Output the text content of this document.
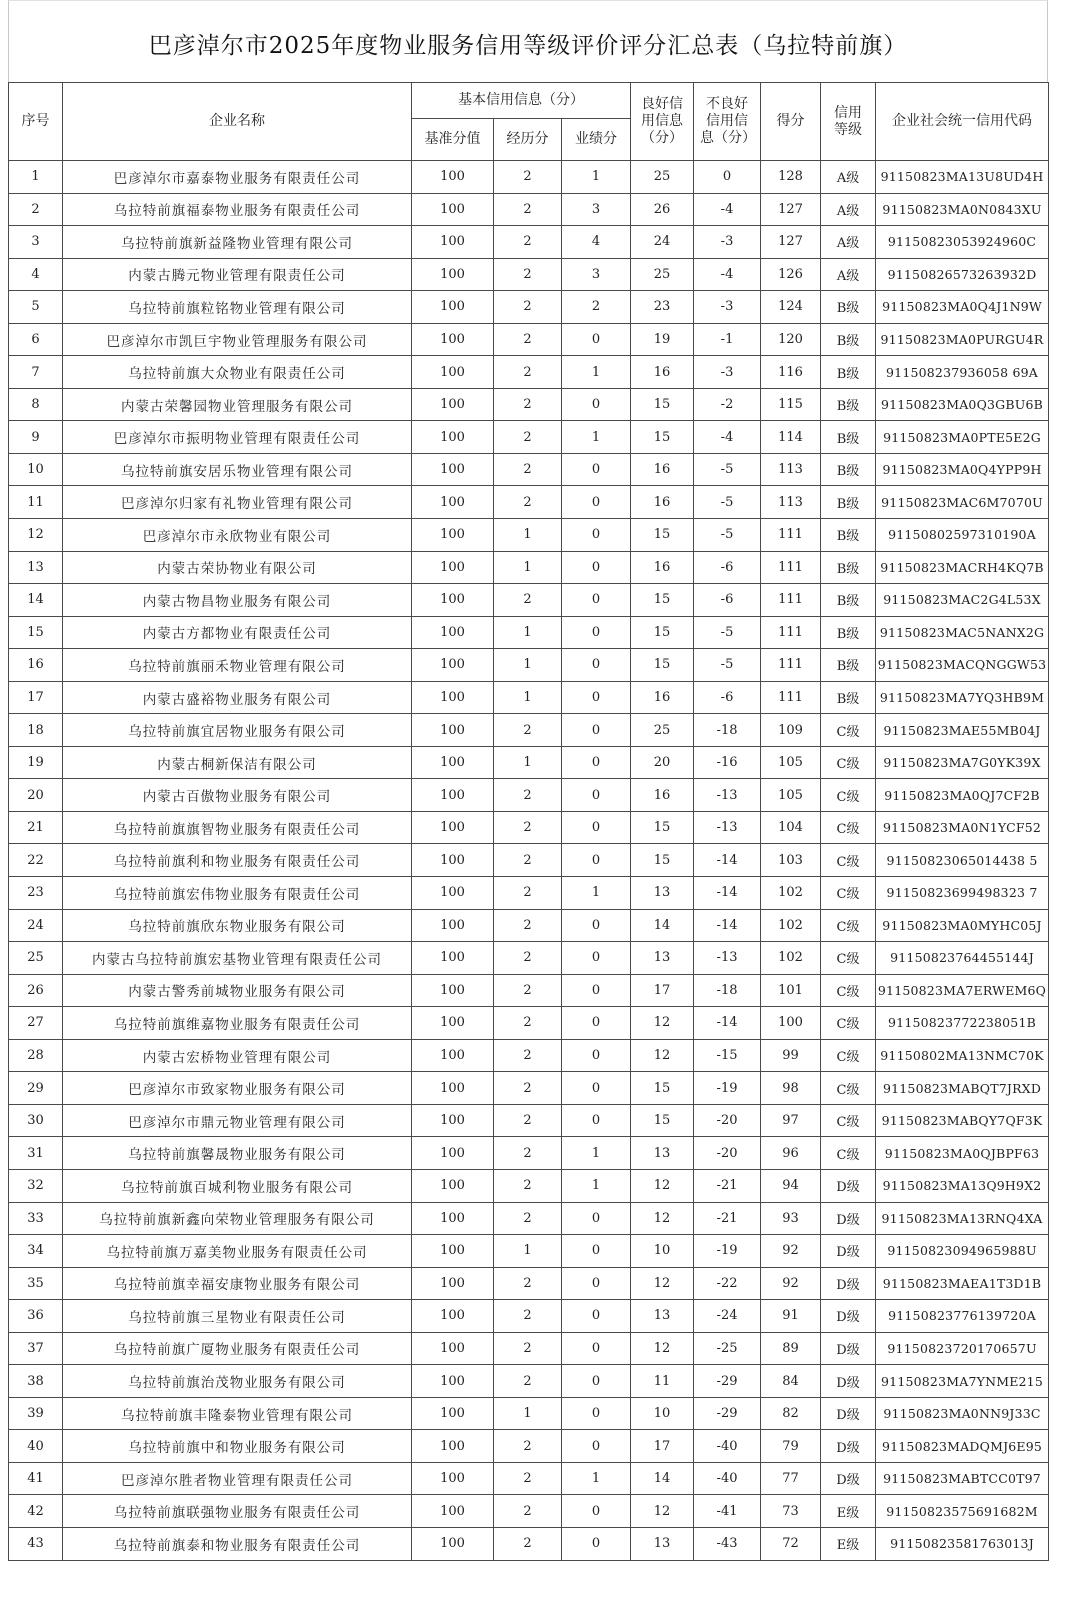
巴彦淖尔市2025年度物业服务信用等级评价评分汇总表（乌拉特前旗）
序号	企业名称	基本信用信息（分）			良好信用信息（分）	不良好信用信息（分）	得分	信用等级	企业社会统一信用代码
		基准分值	经历分	业绩分					
1	巴彦淖尔市嘉泰物业服务有限责任公司	100	2	1	25	0	128	A级	91150823MA13U8UD4H
2	乌拉特前旗福泰物业服务有限责任公司	100	2	3	26	-4	127	A级	91150823MA0N0843XU
3	乌拉特前旗新益隆物业管理有限公司	100	2	4	24	-3	127	A级	91150823053924960C
4	内蒙古腾元物业管理有限责任公司	100	2	3	25	-4	126	A级	91150826573263932D
5	乌拉特前旗粒铭物业管理有限公司	100	2	2	23	-3	124	B级	91150823MA0Q4J1N9W
6	巴彦淖尔市凯巨宇物业管理服务有限公司	100	2	0	19	-1	120	B级	91150823MA0PURGU4R
7	乌拉特前旗大众物业有限责任公司	100	2	1	16	-3	116	B级	911508237936058 69A
8	内蒙古荣馨园物业管理服务有限公司	100	2	0	15	-2	115	B级	91150823MA0Q3GBU6B
9	巴彦淖尔市振明物业管理有限责任公司	100	2	1	15	-4	114	B级	91150823MA0PTE5E2G
10	乌拉特前旗安居乐物业管理有限公司	100	2	0	16	-5	113	B级	91150823MA0Q4YPP9H
11	巴彦淖尔归家有礼物业管理有限公司	100	2	0	16	-5	113	B级	91150823MAC6M7070U
12	巴彦淖尔市永欣物业有限公司	100	1	0	15	-5	111	B级	91150802597310190A
13	内蒙古荣协物业有限公司	100	1	0	16	-6	111	B级	91150823MACRH4KQ7B
14	内蒙古物昌物业服务有限公司	100	2	0	15	-6	111	B级	91150823MAC2G4L53X
15	内蒙古方都物业有限责任公司	100	1	0	15	-5	111	B级	91150823MAC5NANX2G
16	乌拉特前旗丽禾物业管理有限公司	100	1	0	15	-5	111	B级	91150823MACQNGGW53
17	内蒙古盛裕物业服务有限公司	100	1	0	16	-6	111	B级	91150823MA7YQ3HB9M
18	乌拉特前旗宜居物业服务有限公司	100	2	0	25	-18	109	C级	91150823MAE55MB04J
19	内蒙古桐新保洁有限公司	100	1	0	20	-16	105	C级	91150823MA7G0YK39X
20	内蒙古百傲物业服务有限公司	100	2	0	16	-13	105	C级	91150823MA0QJ7CF2B
21	乌拉特前旗旗智物业服务有限责任公司	100	2	0	15	-13	104	C级	91150823MA0N1YCF52
22	乌拉特前旗利和物业服务有限责任公司	100	2	0	15	-14	103	C级	91150823065014438 5
23	乌拉特前旗宏伟物业服务有限责任公司	100	2	1	13	-14	102	C级	91150823699498323 7
24	乌拉特前旗欣东物业服务有限公司	100	2	0	14	-14	102	C级	91150823MA0MYHC05J
25	内蒙古乌拉特前旗宏基物业管理有限责任公司	100	2	0	13	-13	102	C级	91150823764455144J
26	内蒙古警秀前城物业服务有限公司	100	2	0	17	-18	101	C级	91150823MA7ERWEM6Q
27	乌拉特前旗维嘉物业服务有限责任公司	100	2	0	12	-14	100	C级	91150823772238051B
28	内蒙古宏桥物业管理有限公司	100	2	0	12	-15	99	C级	91150802MA13NMC70K
29	巴彦淖尔市致家物业服务有限公司	100	2	0	15	-19	98	C级	91150823MABQT7JRXD
30	巴彦淖尔市鼎元物业管理有限公司	100	2	0	15	-20	97	C级	91150823MABQY7QF3K
31	乌拉特前旗馨晟物业服务有限公司	100	2	1	13	-20	96	C级	91150823MA0QJBPF63
32	乌拉特前旗百城利物业服务有限公司	100	2	1	12	-21	94	D级	91150823MA13Q9H9X2
33	乌拉特前旗新鑫向荣物业管理服务有限公司	100	2	0	12	-21	93	D级	91150823MA13RNQ4XA
34	乌拉特前旗万嘉美物业服务有限责任公司	100	1	0	10	-19	92	D级	91150823094965988U
35	乌拉特前旗幸福安康物业服务有限公司	100	2	0	12	-22	92	D级	91150823MAEA1T3D1B
36	乌拉特前旗三星物业有限责任公司	100	2	0	13	-24	91	D级	91150823776139720A
37	乌拉特前旗广厦物业服务有限责任公司	100	2	0	12	-25	89	D级	91150823720170657U
38	乌拉特前旗治茂物业服务有限公司	100	2	0	11	-29	84	D级	91150823MA7YNME215
39	乌拉特前旗丰隆泰物业管理有限公司	100	1	0	10	-29	82	D级	91150823MA0NN9J33C
40	乌拉特前旗中和物业服务有限公司	100	2	0	17	-40	79	D级	91150823MADQMJ6E95
41	巴彦淖尔胜者物业管理有限责任公司	100	2	1	14	-40	77	D级	91150823MABTCC0T97
42	乌拉特前旗联强物业服务有限责任公司	100	2	0	12	-41	73	E级	91150823575691682M
43	乌拉特前旗泰和物业服务有限责任公司	100	2	0	13	-43	72	E级	91150823581763013J
